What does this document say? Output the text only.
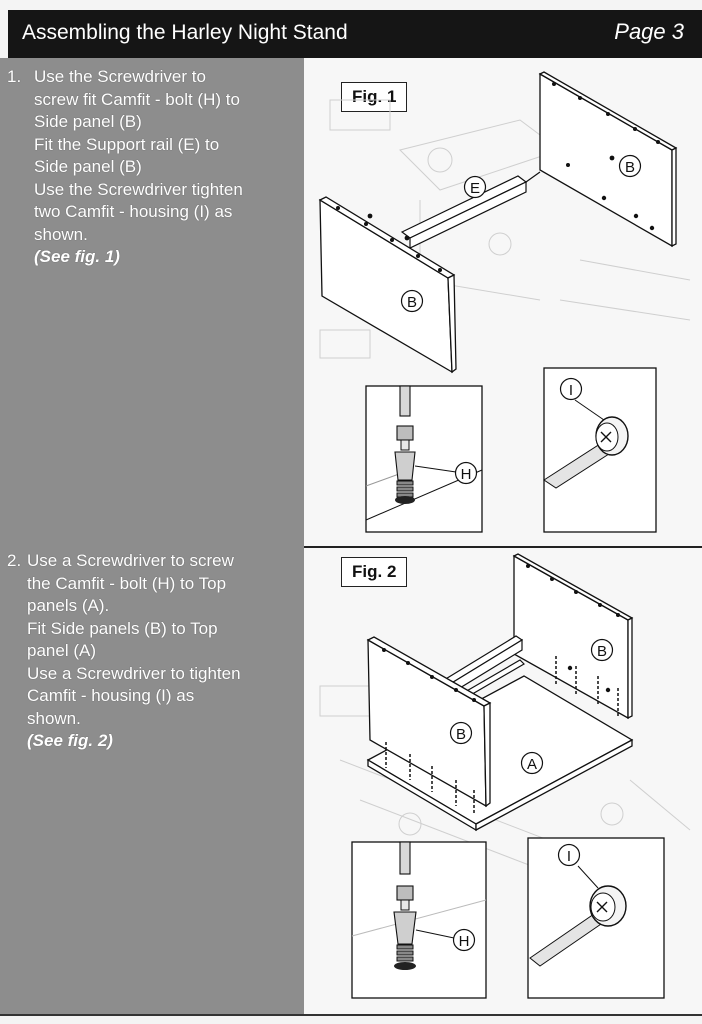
Assembling the Harley Night Stand	Page 3
1. Use the Screwdriver to
screw fit Camfit - bolt (H) to
Side panel (B)
Fit the Support rail (E) to
Side panel (B)
Use the Screwdriver tighten
two Camfit - housing (I) as
shown.
(See fig. 1)
2. Use a Screwdriver to screw
the Camfit - bolt (H) to Top
panels (A).
Fit Side panels (B) to Top
panel (A)
Use a Screwdriver to tighten
Camfit - housing (I) as
shown.
(See fig. 2)
Fig. 1
Fig. 2
B
E
B
H
I
B
B
A
H
I
